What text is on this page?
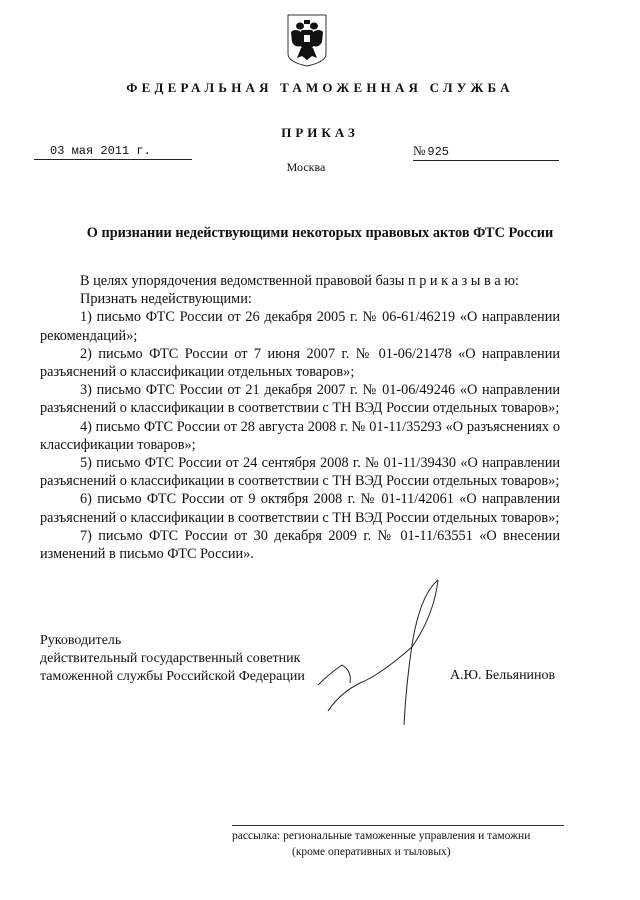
ФЕДЕРАЛЬНАЯ ТАМОЖЕННАЯ СЛУЖБА
ПРИКАЗ
03 мая 2011 г.	№ 925
Москва
О признании недействующими некоторых правовых актов ФТС России

В целях упорядочения ведомственной правовой базы п р и к а з ы в а ю:

Признать недействующими:

1) письмо ФТС России от 26 декабря 2005 г. № 06-61/46219 «О направлении рекомендаций»;

2) письмо ФТС России от 7 июня 2007 г. № 01-06/21478 «О направлении разъяснений о классификации отдельных товаров»;

3) письмо ФТС России от 21 декабря 2007 г. № 01-06/49246 «О направлении разъяснений о классификации в соответствии с ТН ВЭД России отдельных товаров»;

4) письмо ФТС России от 28 августа 2008 г. № 01-11/35293 «О разъяснениях о классификации товаров»;

5) письмо ФТС России от 24 сентября 2008 г. № 01-11/39430 «О направлении разъяснений о классификации в соответствии с ТН ВЭД России отдельных товаров»;

6) письмо ФТС России от 9 октября 2008 г. № 01-11/42061 «О направлении разъяснений о классификации в соответствии с ТН ВЭД России отдельных товаров»;

7) письмо ФТС России от 30 декабря 2009 г. № 01-11/63551 «О внесении изменений в письмо ФТС России».

Руководитель
действительный государственный советник
таможенной службы Российской Федерации	А.Ю. Бельянинов
рассылка: региональные таможенные управления и таможни
(кроме оперативных и тыловых)
